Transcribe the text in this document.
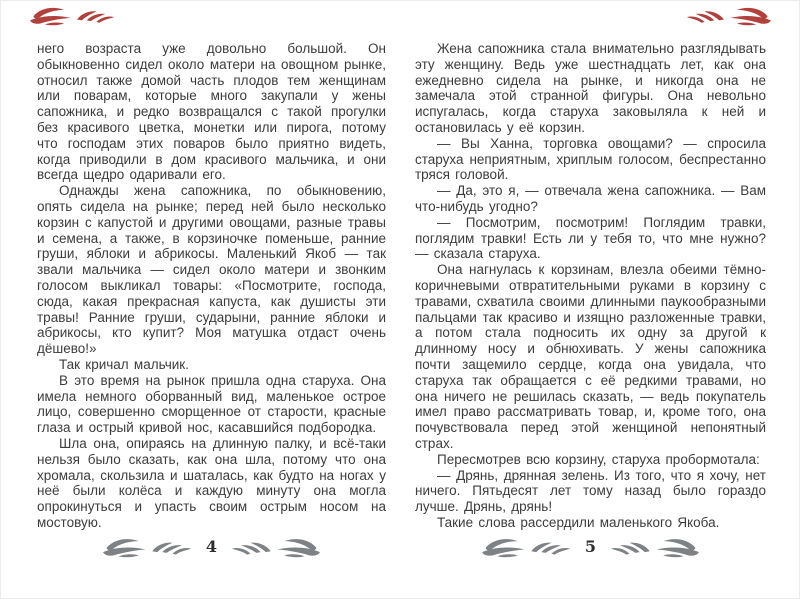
него возраста уже довольно большой. Он обыкновенно сидел около матери на овощном рынке, относил также домой часть плодов тем женщинам или поварам, которые много закупали у жены сапожника, и редко возвращался с такой прогулки без красивого цветка, монетки или пирога, потому что господам этих поваров было приятно видеть, когда приводили в дом красивого мальчика, и они всегда щедро одаривали его.

Однажды жена сапожника, по обыкновению, опять сидела на рынке; перед ней было несколько корзин с капустой и другими овощами, разные травы и семена, а также, в корзиночке поменьше, ранние груши, яблоки и абрикосы. Маленький Якоб — так звали мальчика — сидел около матери и звонким голосом выкликал товары: «Посмотрите, господа, сюда, какая прекрасная капуста, как душисты эти травы! Ранние груши, сударыни, ранние яблоки и абрикосы, кто купит? Моя матушка отдаст очень дёшево!»

Так кричал мальчик.

В это время на рынок пришла одна старуха. Она имела немного оборванный вид, маленькое острое лицо, совершенно сморщенное от старости, красные глаза и острый кривой нос, касавшийся подбородка.

Шла она, опираясь на длинную палку, и всё-таки нельзя было сказать, как она шла, потому что она хромала, скользила и шаталась, как будто на ногах у неё были колёса и каждую минуту она могла опрокинуться и упасть своим острым носом на мостовую.

Жена сапожника стала внимательно разглядывать эту женщину. Ведь уже шестнадцать лет, как она ежедневно сидела на рынке, и никогда она не замечала этой странной фигуры. Она невольно испугалась, когда старуха заковыляла к ней и остановилась у её корзин.

— Вы Ханна, торговка овощами? — спросила старуха неприятным, хриплым голосом, беспрестанно тряся головой.

— Да, это я, — отвечала жена сапожника. — Вам что-нибудь угодно?

— Посмотрим, посмотрим! Поглядим травки, поглядим травки! Есть ли у тебя то, что мне нужно? — сказала старуха.

Она нагнулась к корзинам, влезла обеими тёмно-коричневыми отвратительными руками в корзину с травами, схватила своими длинными паукообразными пальцами так красиво и изящно разложенные травки, а потом стала подносить их одну за другой к длинному носу и обнюхивать. У жены сапожника почти защемило сердце, когда она увидала, что старуха так обращается с её редкими травами, но она ничего не решилась сказать, — ведь покупатель имел право рассматривать товар, и, кроме того, она почувствовала перед этой женщиной непонятный страх.

Пересмотрев всю корзину, старуха пробормотала:

— Дрянь, дрянная зелень. Из того, что я хочу, нет ничего. Пятьдесят лет тому назад было гораздо лучше. Дрянь, дрянь!

Такие слова рассердили маленького Якоба.

4	5
